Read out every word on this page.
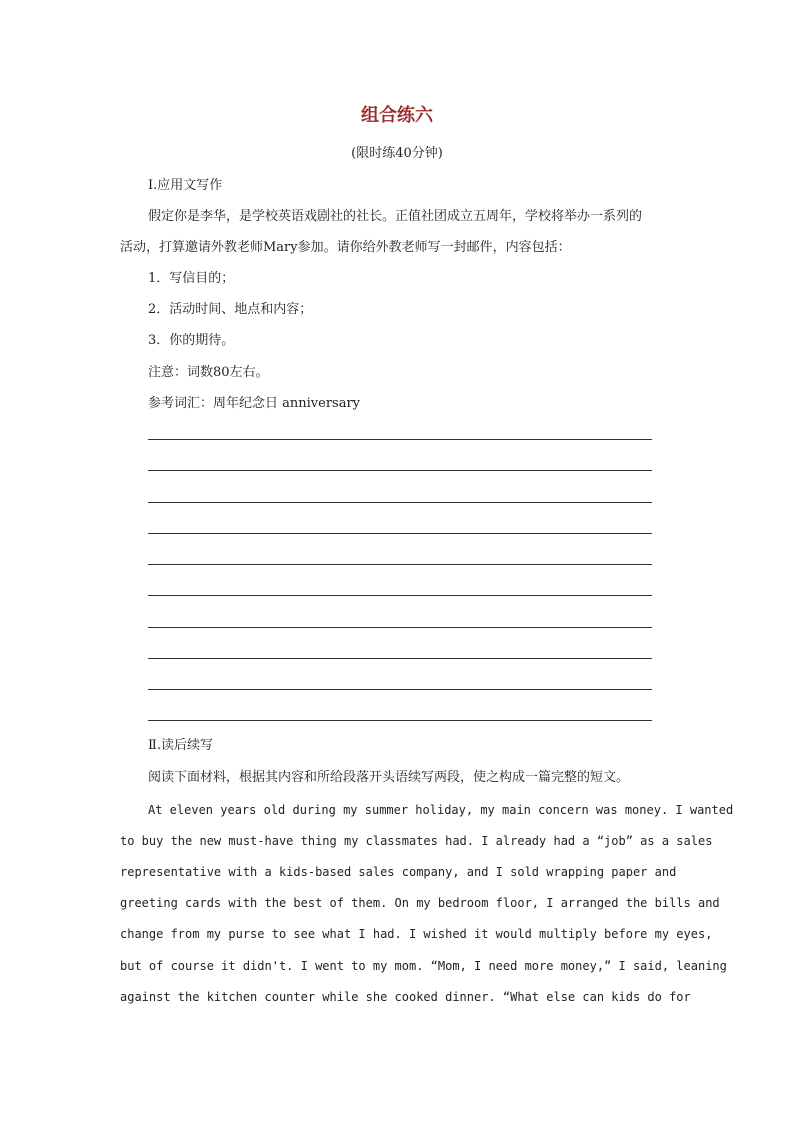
组合练六

(限时练40分钟)

Ⅰ.应用文写作

假定你是李华，是学校英语戏剧社的社长。正值社团成立五周年，学校将举办一系列的

活动，打算邀请外教老师Mary参加。请你给外教老师写一封邮件，内容包括：

1．写信目的；

2．活动时间、地点和内容；

3．你的期待。

注意：词数80左右。

参考词汇：周年纪念日 anniversary

Ⅱ.读后续写

阅读下面材料，根据其内容和所给段落开头语续写两段，使之构成一篇完整的短文。

At eleven years old during my summer holiday, my main concern was money. I wanted
to buy the new must-have thing my classmates had. I already had a “job” as a sales
representative with a kids-based sales company, and I sold wrapping paper and
greeting cards with the best of them. On my bedroom floor, I arranged the bills and
change from my purse to see what I had. I wished it would multiply before my eyes,
but of course it didn't. I went to my mom. “Mom, I need more money,” I said, leaning
against the kitchen counter while she cooked dinner. “What else can kids do for
